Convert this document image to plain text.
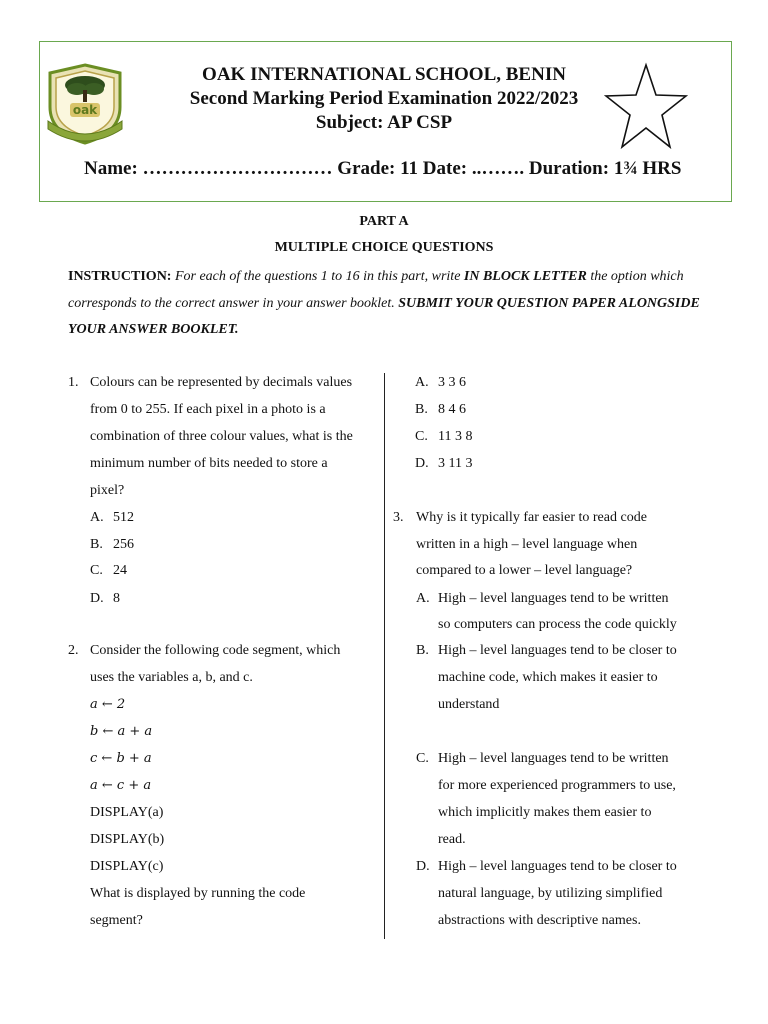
oak
OAK INTERNATIONAL SCHOOL, BENIN
Second Marking Period Examination 2022/2023
Subject: AP CSP
Name: ………………………… Grade: 11 Date: ..……. Duration: 1¾ HRS
PART A
MULTIPLE CHOICE QUESTIONS
INSTRUCTION: For each of the questions 1 to 16 in this part, write IN BLOCK LETTER the option which corresponds to the correct answer in your answer booklet. SUBMIT YOUR QUESTION PAPER ALONGSIDE YOUR ANSWER BOOKLET.
1. Colours can be represented by decimals values
from 0 to 255. If each pixel in a photo is a
combination of three colour values, what is the
minimum number of bits needed to store a
pixel?
A. 512
B. 256
C. 24
D. 8
2. Consider the following code segment, which
uses the variables a, b, and c.
a ← 2
b ← a + a
c ← b + a
a ← c + a
DISPLAY(a)
DISPLAY(b)
DISPLAY(c)
What is displayed by running the code
segment?
A. 3 3 6
B. 8 4 6
C. 11 3 8
D. 3 11 3
3. Why is it typically far easier to read code
written in a high – level language when
compared to a lower – level language?
A. High – level languages tend to be written
so computers can process the code quickly
B. High – level languages tend to be closer to
machine code, which makes it easier to
understand
C. High – level languages tend to be written
for more experienced programmers to use,
which implicitly makes them easier to
read.
D. High – level languages tend to be closer to
natural language, by utilizing simplified
abstractions with descriptive names.
